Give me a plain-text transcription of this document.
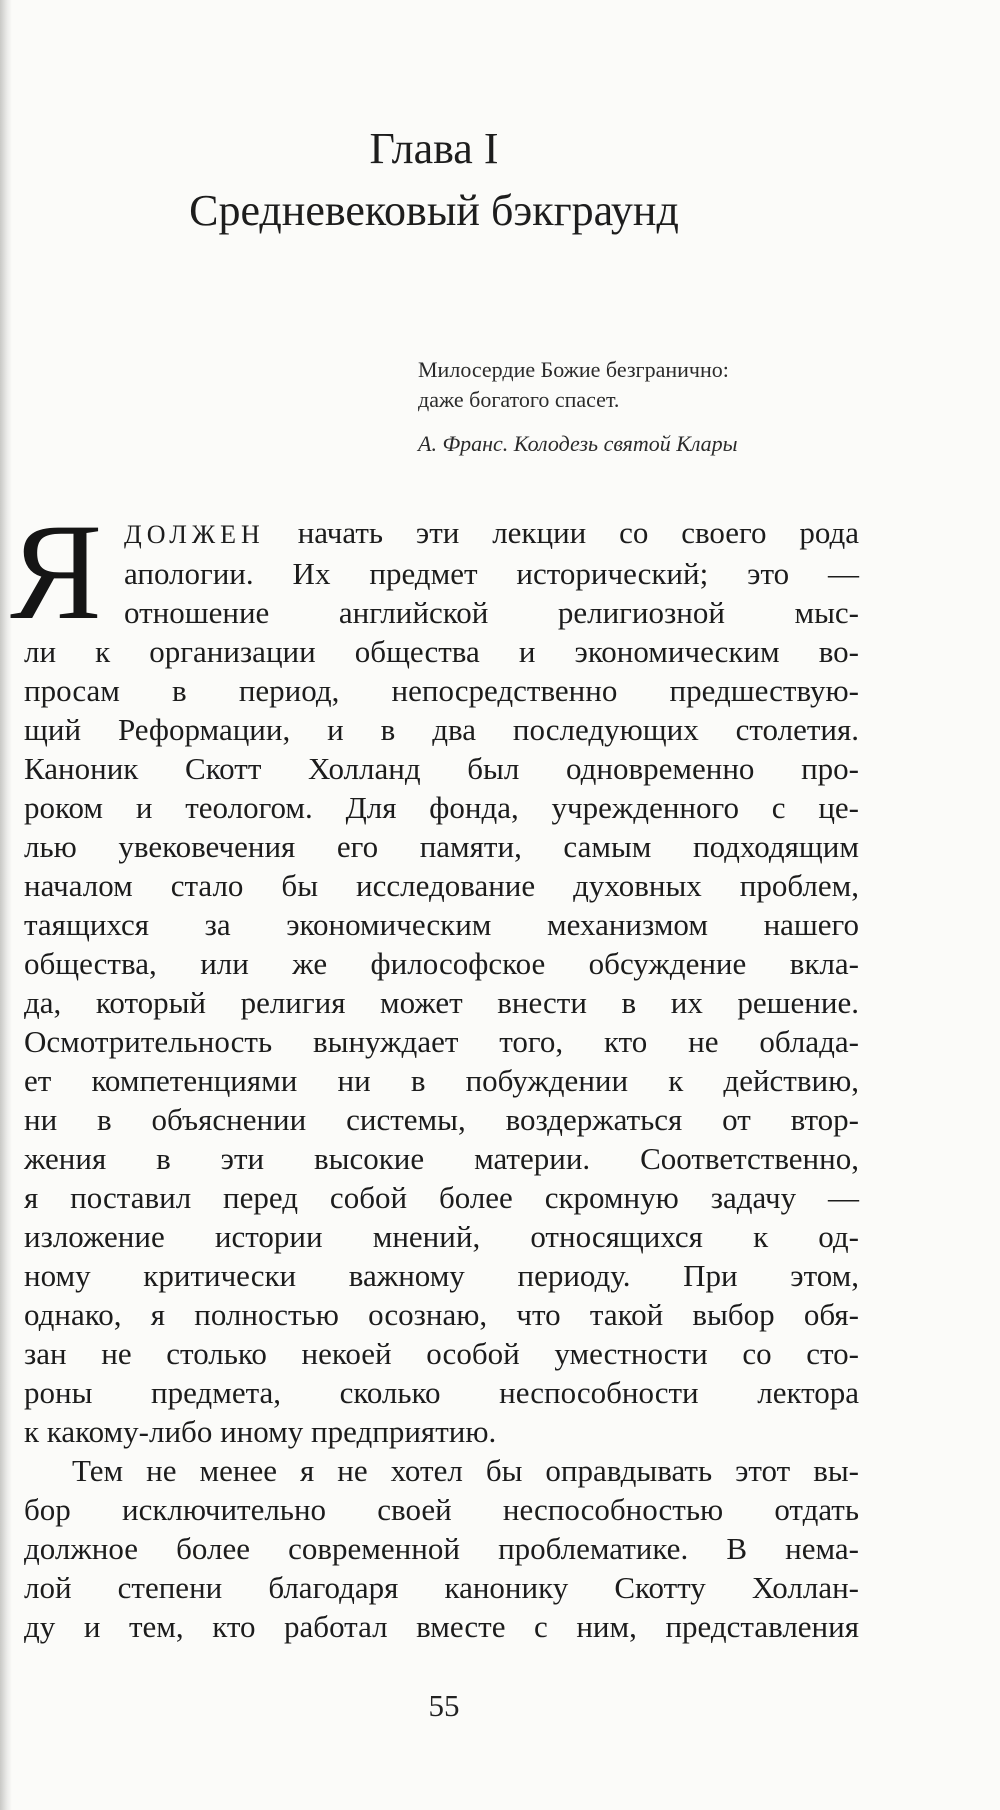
Глава I
Средневековый бэкграунд
Милосердие Божие безгранично:
даже богатого спасет.
А. Франс. Колодезь святой Клары
Я ДОЛЖЕН начать эти лекции со своего рода
апологии. Их предмет исторический; это —
отношение английской религиозной мыс-
ли к организации общества и экономическим во-
просам в период, непосредственно предшествую-
щий Реформации, и в два последующих столетия.
Каноник Скотт Холланд был одновременно про-
роком и теологом. Для фонда, учрежденного с це-
лью увековечения его памяти, самым подходящим
началом стало бы исследование духовных проблем,
таящихся за экономическим механизмом нашего
общества, или же философское обсуждение вкла-
да, который религия может внести в их решение.
Осмотрительность вынуждает того, кто не облада-
ет компетенциями ни в побуждении к действию,
ни в объяснении системы, воздержаться от втор-
жения в эти высокие материи. Соответственно,
я поставил перед собой более скромную задачу —
изложение истории мнений, относящихся к од-
ному критически важному периоду. При этом,
однако, я полностью осознаю, что такой выбор обя-
зан не столько некоей особой уместности со сто-
роны предмета, сколько неспособности лектора
к какому-либо иному предприятию.
Тем не менее я не хотел бы оправдывать этот вы-
бор исключительно своей неспособностью отдать
должное более современной проблематике. В нема-
лой степени благодаря канонику Скотту Холлан-
ду и тем, кто работал вместе с ним, представления
55
